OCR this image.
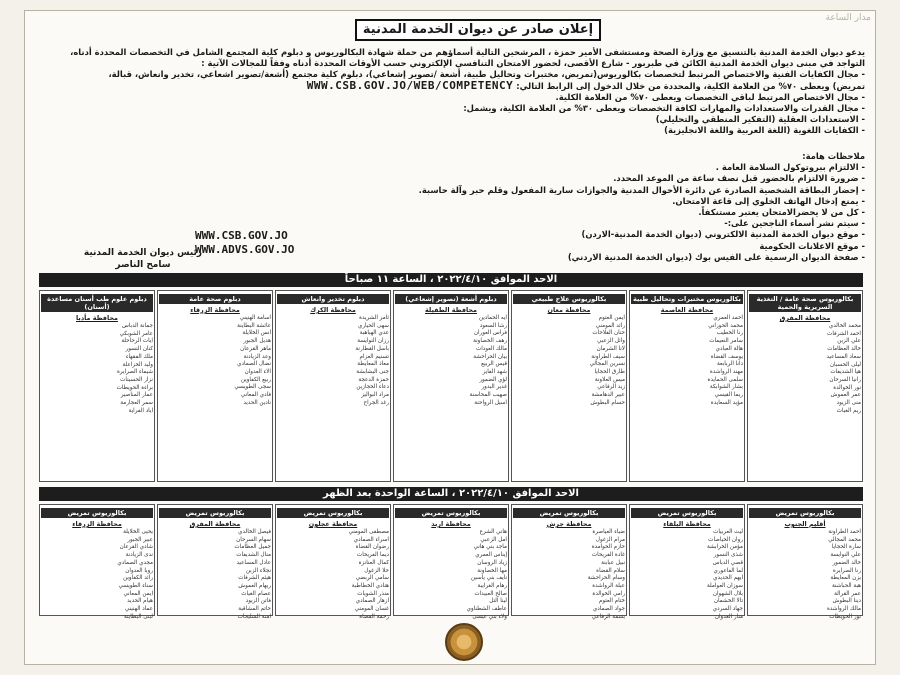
مدار الساعة
إعلان صادر عن ديوان الخدمة المدنية

يدعو ديوان الخدمة المدنية بالتنسيق مع وزارة الصحة ومستشفى الأمير حمزة ، المرشحين التالية أسماؤهم من حملة شهادة البكالوريوس و دبلوم كلية المجتمع الشامل في التخصصات المحددة أدناه،

التواجد في مبنى ديوان الخدمة المدنية الكائن في طبربور - شارع الأقصى، لحضور الامتحان التنافسي الإلكتروني حسب الأوقات المحددة أدناه وفقاً للمجالات الآتية :

- مجال الكفايات الفنية والاختصاص المرتبط لتخصصات بكالوريوس(تمريض، مختبرات وتحاليل طبية، أشعة /تصوير إشعاعي)، دبلوم كلية مجتمع (أشعة/تصوير اشعاعي، تخدير وانعاش، قبالة،

تمريض) ويعطى ٧٠% من العلامة الكلية، والمحددة من خلال الدخول إلى الرابط التالي: WWW.CSB.GOV.JO/WEB/COMPETENCY

- مجال الاختصاص المرتبط لباقي التخصصات ويعطى ٧٠% من العلامة الكلية.

- مجال القدرات والاستعدادات والمهارات لكافة التخصصات ويعطى ٣٠% من العلامة الكلية، ويشمل:

- الاستعدادات العقلية (التفكير المنطقي والتحليلي)

- الكفايات اللغوية (اللغة العربية واللغة الانجليزية)

ملاحظات هامة:
- الالتزام ببروتوكول السلامة العامة .
- ضرورة الالتزام بالحضور قبل نصف ساعة من الموعد المحدد.
- إحضار البطاقة الشخصية الصادرة عن دائرة الأحوال المدنية والجوازات سارية المفعول وقلم حبر وآلة حاسبة.
- يمنع إدخال الهاتف الخلوي إلى قاعة الامتحان.
- كل من لا يحضرالامتحان يعتبر مستنكفاً.
- سيتم نشر أسماء الناجحين على:-
- موقع ديوان الخدمة المدنية الالكتروني (ديوان الخدمة المدنية-الاردن)
- موقع الاعلانات الحكومية
- صفحة الديوان الرسمية على الفيس بوك (ديوان الخدمة المدنية الاردني)
WWW.CSB.GOV.JO
WWW.ADVS.GOV.JO
رئيس ديوان الخدمة المدنية
سامح الناصر
الاحد الموافق ٢٠٢٢/٤/١٠ ، الساعة ١١ صباحاً
بكالوريوس صحة عامة / التغذية السريرية والحمية
محافظة المفرق
محمد الخالدي
احمد الشرفات
علي الزبن
خالد العظامات
سعاد المساعيد
ليلى الحسبان
هيا الشديفات
رانيا السرحان
نور الخوالدة
عمر العموش
منى الزيود
ريم الغياث
بكالوريوس مختبرات وتحاليل طبية
محافظة العاصمة
احمد العمري
محمد الحوراني
رنا الخطيب
سامر النعيمات
هالة العبادي
يوسف القضاة
دانا الربابعة
مهند الرواشدة
سلمى الحمايدة
بشار الشوابكة
ريما القيسي
مؤيد السعايدة
بكالوريوس علاج طبيعي
محافظة معان
ايمن العتوم
رائد المومني
حنان الفلاحات
وائل الزعبي
لانا الشرمان
سيف الطراونة
نسرين المجالي
طارق الحجايا
ميس العلاونة
زيد الرفاعي
عبير الدهامشة
حسام البطوش
دبلوم أشعة (تصوير إشعاعي)
محافظة الطفيلة
ايه الحمادين
رشا السعود
فراس العوران
رهف الخصاونة
مالك العودات
بيان الحراحشة
قيس الربيع
شهد الفايز
لؤي الضمور
غدير البدور
صهيب المحاسنة
اسيل الرواحنة
دبلوم تخدير وانعاش
محافظة الكرك
ثامر الشريدة
سهى الحياري
عدي الهباهبة
رزان النوايسة
باسل القطارنة
تسنيم العزام
معاذ المعايطة
جنى البشابشة
حمزة الدعجة
دعاء الحجازين
مراد البواليز
رغد الجراح
دبلوم صحة عامة
محافظة الزرقاء
اسامة الهنيني
عائشة البطاينة
انس الخلايلة
هديل الجبور
ماهر القرعان
وعد الزيادنة
نضال الصمادي
الاء العدوان
ربيع الكفاوين
سجى الطويسي
فادي المعاني
نادين الحديد
دبلوم علوم طب أسنان مساعدة (أسنان)
محافظة مأدبا
جمانة الدباس
عامر الشوبكي
ايات الرحاحلة
كنان النسور
ملك الفقهاء
وليد الخزاعلة
شيماء الصرايرة
نزار الحسينات
براءة الحويطات
عمار المناصير
سمر العجارمة
اياد الفراية
الاحد الموافق ٢٠٢٢/٤/١٠ ، الساعة الواحدة بعد الظهر
بكالوريوس تمريض
أقليم الجنوب
احمد الطراونة
محمد المجالي
سارة الحجايا
علي النوايسة
خالد الضمور
رنا الصرايرة
يزن المعايطة
هبة الحباشنة
عمر القرالة
دينا البطوش
مالك الرواشدة
نور الحويطات
بكالوريوس تمريض
محافظة البلقاء
ليث العربيات
روان الحياصات
مؤمن الخرابشة
شذى النسور
قصي الدباس
لما الفاعوري
ايهم الحديدي
سوزان العواملة
بلال الشهوان
تالا الخشمان
جهاد السردي
منار العدوان
بكالوريوس تمريض
محافظة جرش
ضياء العياصرة
مرام الزغول
حازم الحوامدة
غادة الفريحات
نبيل عبابنة
سلام القضاة
وسام الحراحشة
عبلة الرواشدة
رامي الخوالدة
ختام العتوم
جواد الصمادي
بسمة الرفاعي
بكالوريوس تمريض
محافظة اربد
هاني الشرع
امل الزعبي
ماجد بني هاني
إيناس العمري
زياد الروسان
مها الخصاونة
نايف بني ياسين
رهام الغرايبة
صالح العبيدات
لينا التل
عاطف الشطناوي
ولاء بني عيسى
بكالوريوس تمريض
محافظة عجلون
مصطفى المومني
اسراء الصمادي
رضوان القضاة
ديما الفريحات
كمال العنانزة
حلا الزغول
سامي الربضي
هنادي الخطاطبة
منذر الشويات
ازهار الصمادي
غسان المومني
رحمة القضاة
بكالوريوس تمريض
محافظة المفرق
فيصل الخالدي
سهام السرحان
جميل العظامات
منال الشديفات
عادل المساعيد
نجلاء الزبن
هيثم الشرفات
ريهام العموش
عصام الغياث
فاتن الزيود
حاتم المشاقبة
امنة السليحات
بكالوريوس تمريض
محافظة الزرقاء
يحيى الخلايلة
عبير الجبور
شادي القرعان
ندى الزيادنة
مجدي الصمادي
روبا العدوان
رائد الكفاوين
سناء الطويسي
ايمن المعاني
هيام الحديد
عماد الهنيني
لبنى البطاينة
